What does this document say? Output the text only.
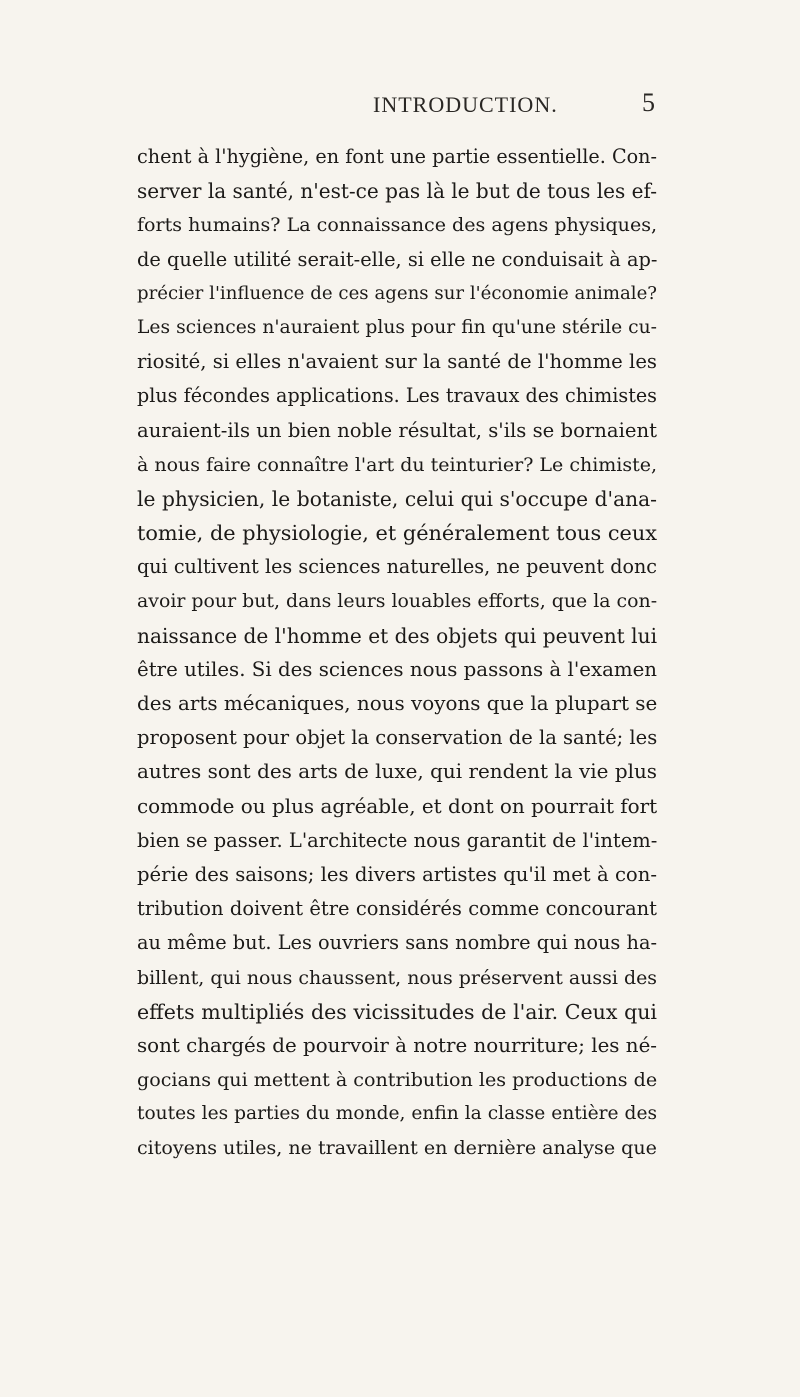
INTRODUCTION.	5
chent à l'hygiène, en font une partie essentielle. Con-
server la santé, n'est-ce pas là le but de tous les ef-
forts humains? La connaissance des agens physiques,
de quelle utilité serait-elle, si elle ne conduisait à ap-
précier l'influence de ces agens sur l'économie animale?
Les sciences n'auraient plus pour fin qu'une stérile cu-
riosité, si elles n'avaient sur la santé de l'homme les
plus fécondes applications. Les travaux des chimistes
auraient-ils un bien noble résultat, s'ils se bornaient
à nous faire connaître l'art du teinturier? Le chimiste,
le physicien, le botaniste, celui qui s'occupe d'ana-
tomie, de physiologie, et généralement tous ceux
qui cultivent les sciences naturelles, ne peuvent donc
avoir pour but, dans leurs louables efforts, que la con-
naissance de l'homme et des objets qui peuvent lui
être utiles. Si des sciences nous passons à l'examen
des arts mécaniques, nous voyons que la plupart se
proposent pour objet la conservation de la santé; les
autres sont des arts de luxe, qui rendent la vie plus
commode ou plus agréable, et dont on pourrait fort
bien se passer. L'architecte nous garantit de l'intem-
périe des saisons; les divers artistes qu'il met à con-
tribution doivent être considérés comme concourant
au même but. Les ouvriers sans nombre qui nous ha-
billent, qui nous chaussent, nous préservent aussi des
effets multipliés des vicissitudes de l'air. Ceux qui
sont chargés de pourvoir à notre nourriture; les né-
gocians qui mettent à contribution les productions de
toutes les parties du monde, enfin la classe entière des
citoyens utiles, ne travaillent en dernière analyse que
